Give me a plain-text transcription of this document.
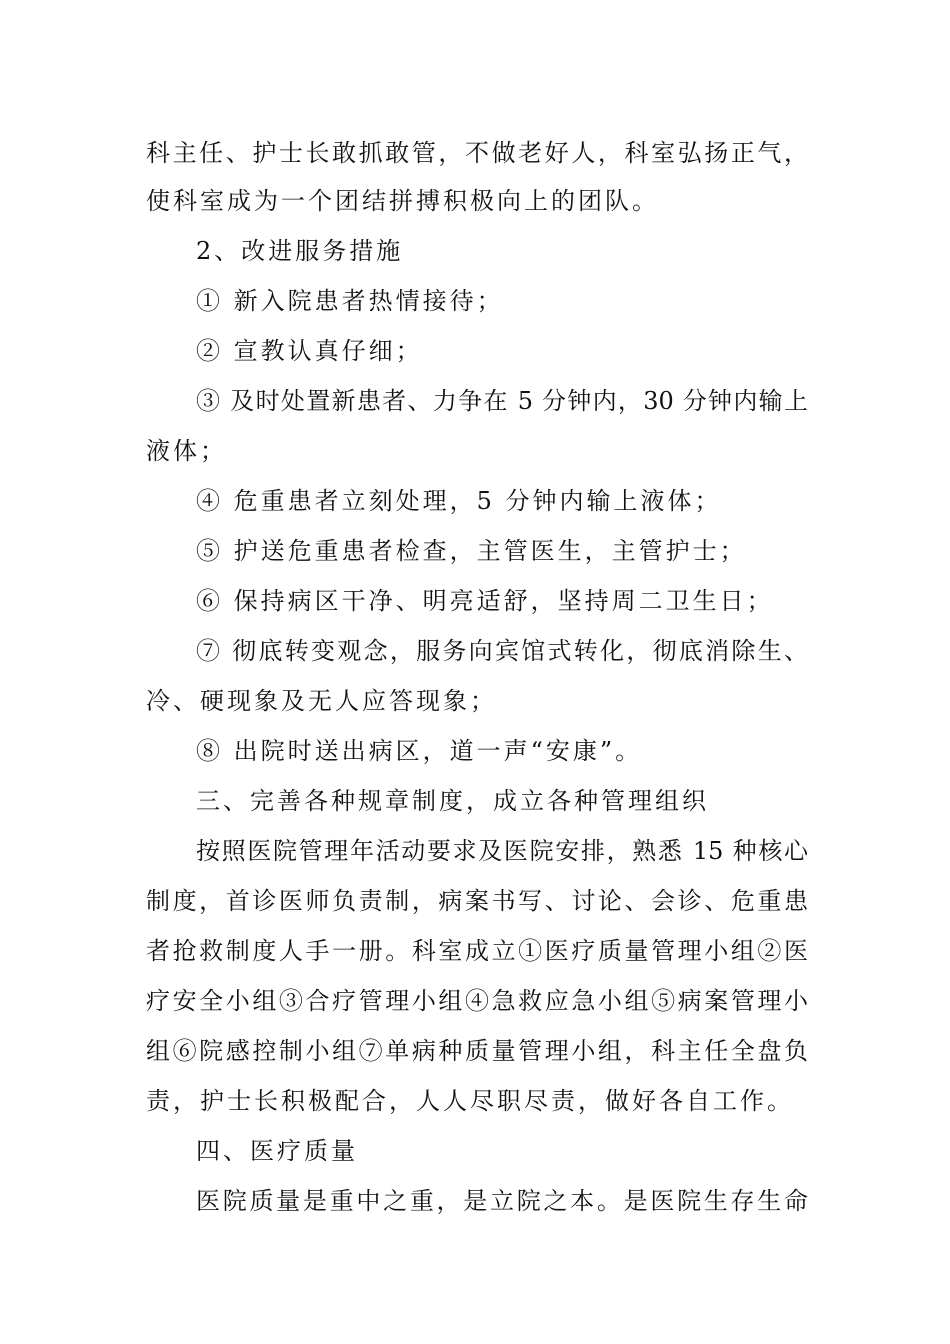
科主任、护士长敢抓敢管，不做老好人，科室弘扬正气，
使科室成为一个团结拼搏积极向上的团队。
2、改进服务措施
① 新入院患者热情接待；
② 宣教认真仔细；
③ 及时处置新患者、力争在 5 分钟内，30 分钟内输上
液体；
④ 危重患者立刻处理，5 分钟内输上液体；
⑤ 护送危重患者检查，主管医生，主管护士；
⑥ 保持病区干净、明亮适舒，坚持周二卫生日；
⑦ 彻底转变观念，服务向宾馆式转化，彻底消除生、
冷、硬现象及无人应答现象；
⑧ 出院时送出病区，道一声“安康”。
三、完善各种规章制度，成立各种管理组织
按照医院管理年活动要求及医院安排，熟悉 15 种核心
制度，首诊医师负责制，病案书写、讨论、会诊、危重患
者抢救制度人手一册。科室成立①医疗质量管理小组②医
疗安全小组③合疗管理小组④急救应急小组⑤病案管理小
组⑥院感控制小组⑦单病种质量管理小组，科主任全盘负
责，护士长积极配合，人人尽职尽责，做好各自工作。
四、医疗质量
医院质量是重中之重，是立院之本。是医院生存生命
